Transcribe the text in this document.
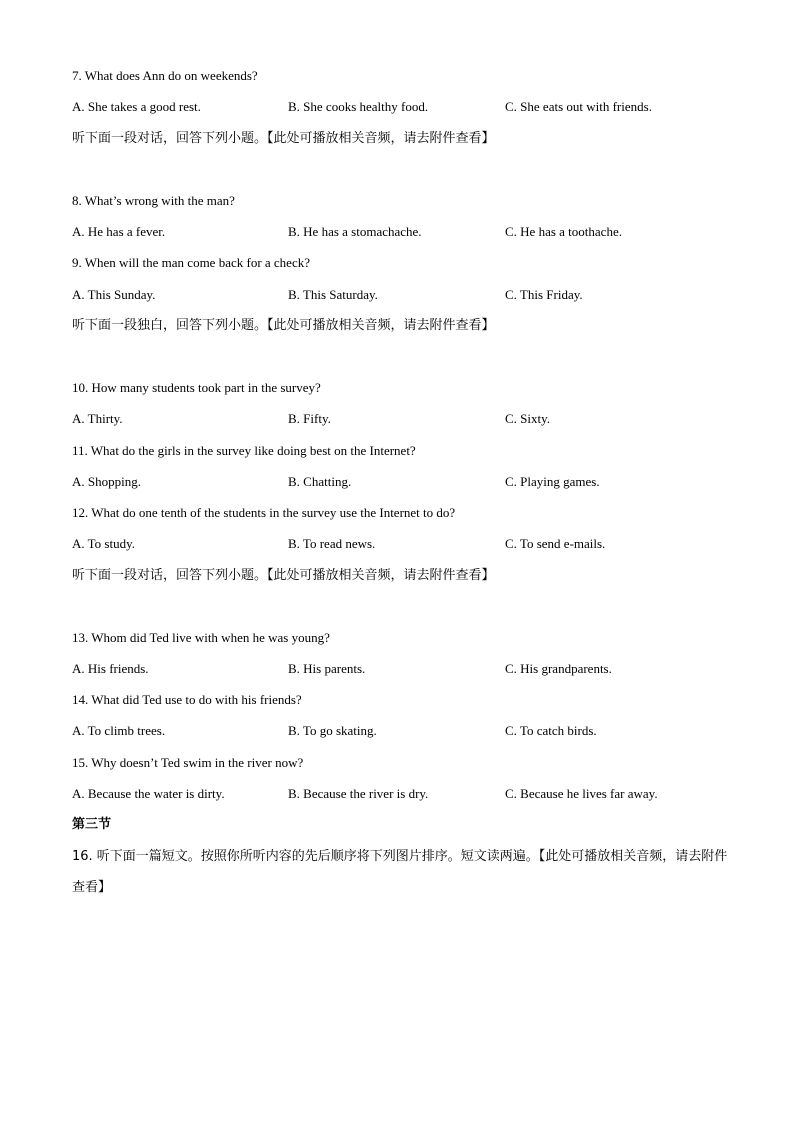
7. What does Ann do on weekends?
A. She takes a good rest.	B. She cooks healthy food.	C. She eats out with friends.
听下面一段对话，回答下列小题。【此处可播放相关音频，请去附件查看】
8. What’s wrong with the man?
A. He has a fever.	B. He has a stomachache.	C. He has a toothache.
9. When will the man come back for a check?
A. This Sunday.	B. This Saturday.	C. This Friday.
听下面一段独白，回答下列小题。【此处可播放相关音频，请去附件查看】
10. How many students took part in the survey?
A. Thirty.	B. Fifty.	C. Sixty.
11. What do the girls in the survey like doing best on the Internet?
A. Shopping.	B. Chatting.	C. Playing games.
12. What do one tenth of the students in the survey use the Internet to do?
A. To study.	B. To read news.	C. To send e-mails.
听下面一段对话，回答下列小题。【此处可播放相关音频，请去附件查看】
13. Whom did Ted live with when he was young?
A. His friends.	B. His parents.	C. His grandparents.
14. What did Ted use to do with his friends?
A. To climb trees.	B. To go skating.	C. To catch birds.
15. Why doesn’t Ted swim in the river now?
A. Because the water is dirty.	B. Because the river is dry.	C. Because he lives far away.
第三节
16. 听下面一篇短文。按照你所听内容的先后顺序将下列图片排序。短文读两遍。【此处可播放相关音频，请去附件查看】
